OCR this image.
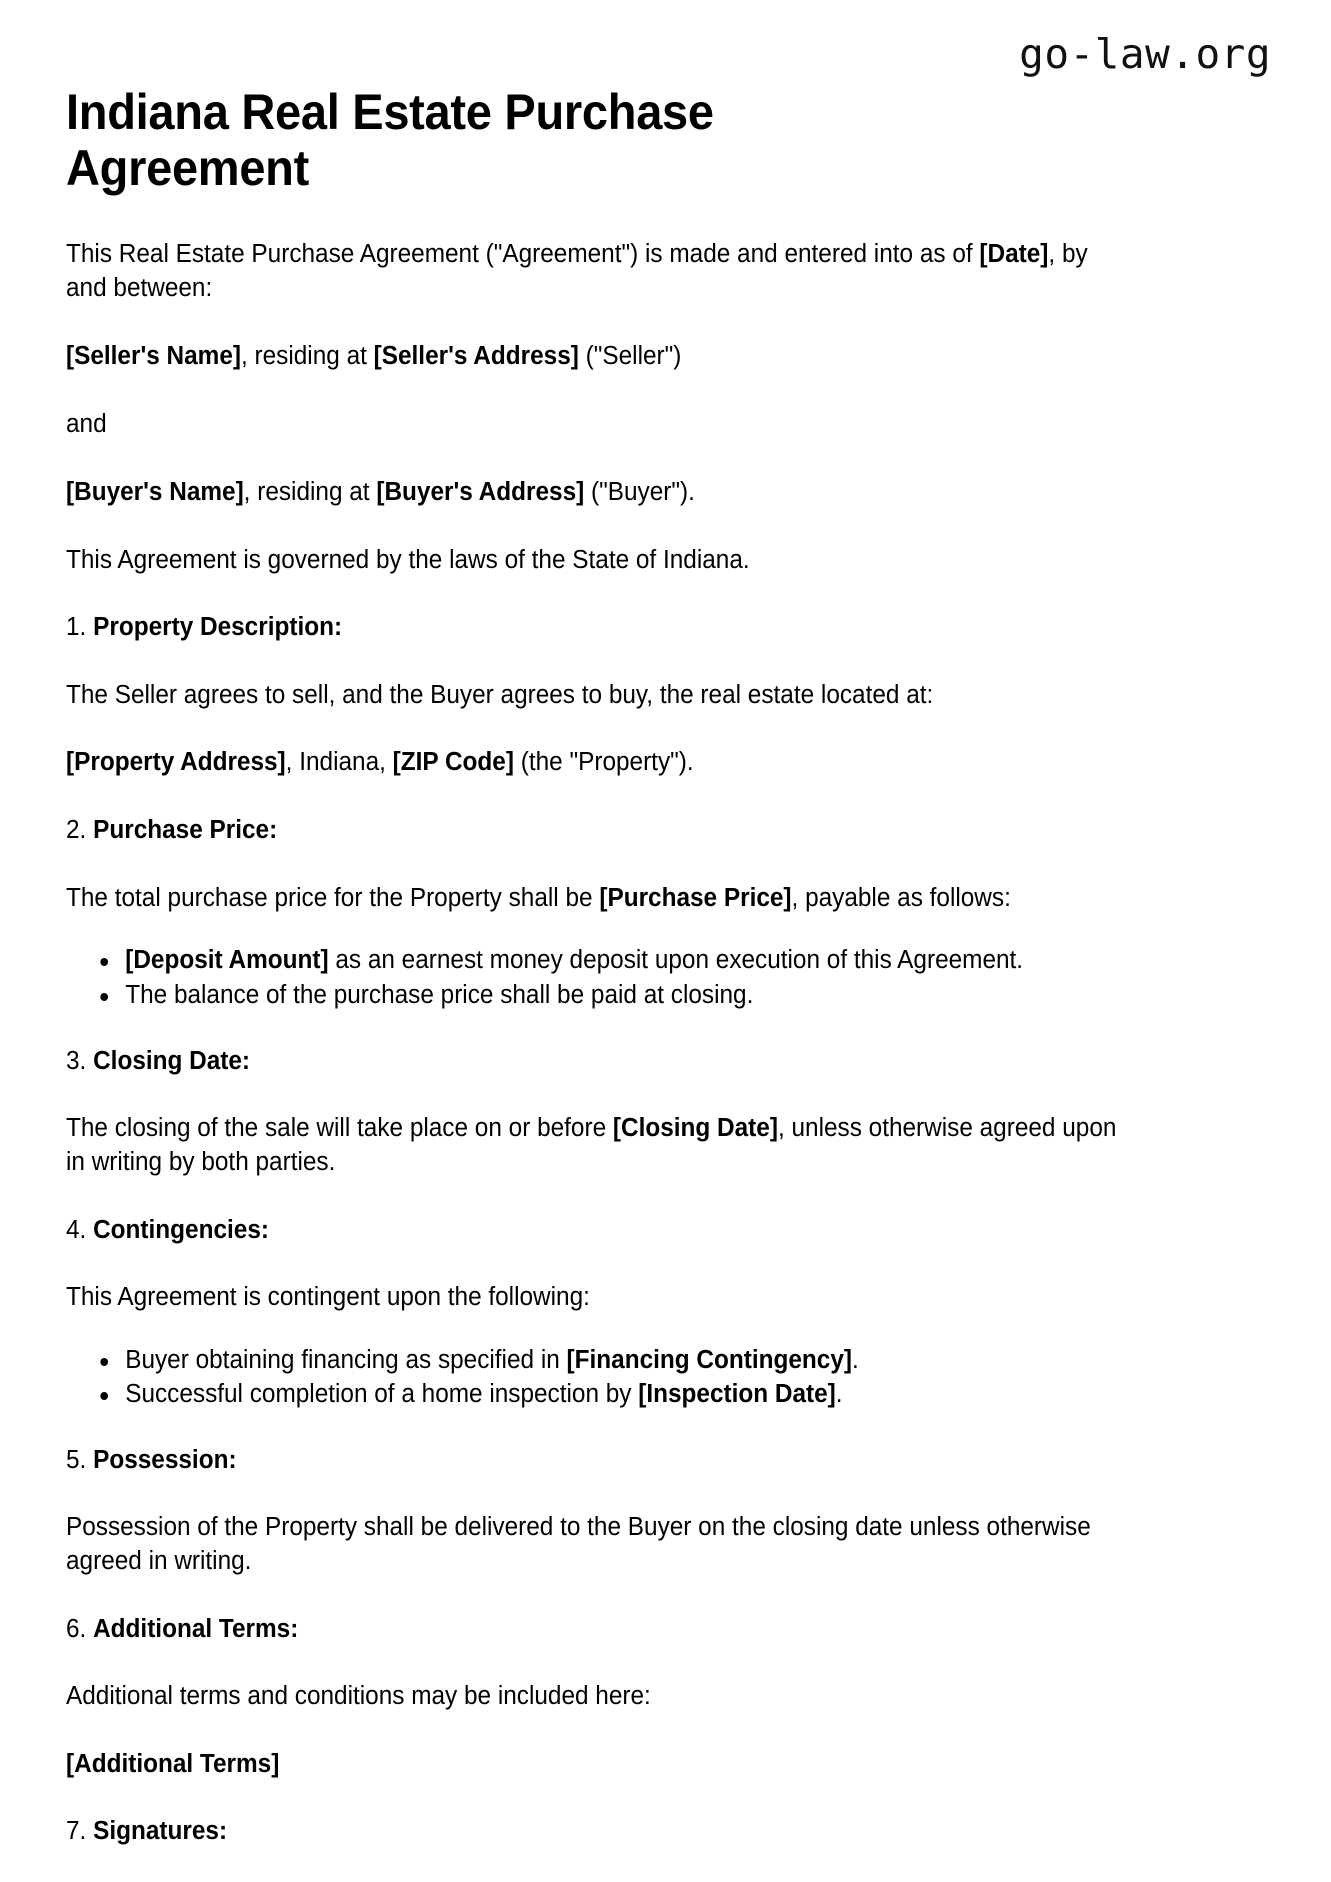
go-law.org
Indiana Real Estate Purchase Agreement

This Real Estate Purchase Agreement ("Agreement") is made and entered into as of [Date], by and between:

[Seller's Name], residing at [Seller's Address] ("Seller")

and

[Buyer's Name], residing at [Buyer's Address] ("Buyer").

This Agreement is governed by the laws of the State of Indiana.

1. Property Description:

The Seller agrees to sell, and the Buyer agrees to buy, the real estate located at:

[Property Address], Indiana, [ZIP Code] (the "Property").

2. Purchase Price:

The total purchase price for the Property shall be [Purchase Price], payable as follows:

[Deposit Amount] as an earnest money deposit upon execution of this Agreement.
The balance of the purchase price shall be paid at closing.
3. Closing Date:

The closing of the sale will take place on or before [Closing Date], unless otherwise agreed upon in writing by both parties.

4. Contingencies:

This Agreement is contingent upon the following:

Buyer obtaining financing as specified in [Financing Contingency].
Successful completion of a home inspection by [Inspection Date].
5. Possession:

Possession of the Property shall be delivered to the Buyer on the closing date unless otherwise agreed in writing.

6. Additional Terms:

Additional terms and conditions may be included here:

[Additional Terms]

7. Signatures:
